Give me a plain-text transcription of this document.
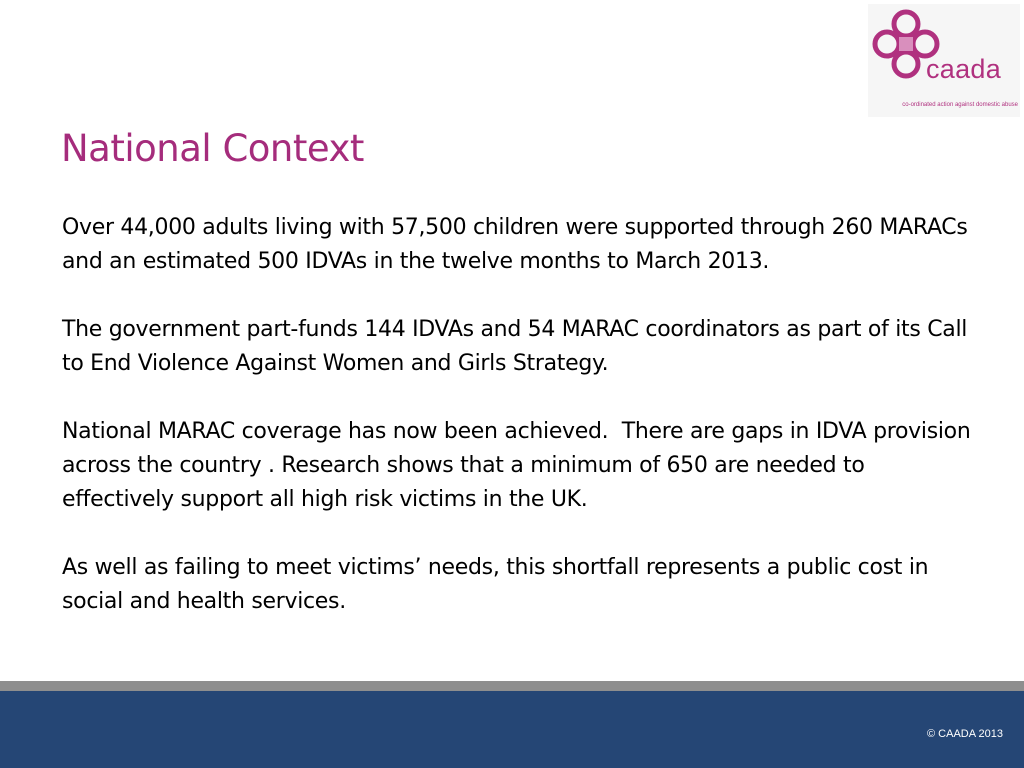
caada
co-ordinated action against domestic abuse
National Context

Over 44,000 adults living with 57,500 children were supported through 260 MARACs and an estimated 500 IDVAs in the twelve months to March 2013.

The government part-funds 144 IDVAs and 54 MARAC coordinators as part of its Call to End Violence Against Women and Girls Strategy.

National MARAC coverage has now been achieved.  There are gaps in IDVA provision across the country . Research shows that a minimum of 650 are needed to effectively support all high risk victims in the UK.

As well as failing to meet victims’ needs, this shortfall represents a public cost in social and health services.

© CAADA 2013
